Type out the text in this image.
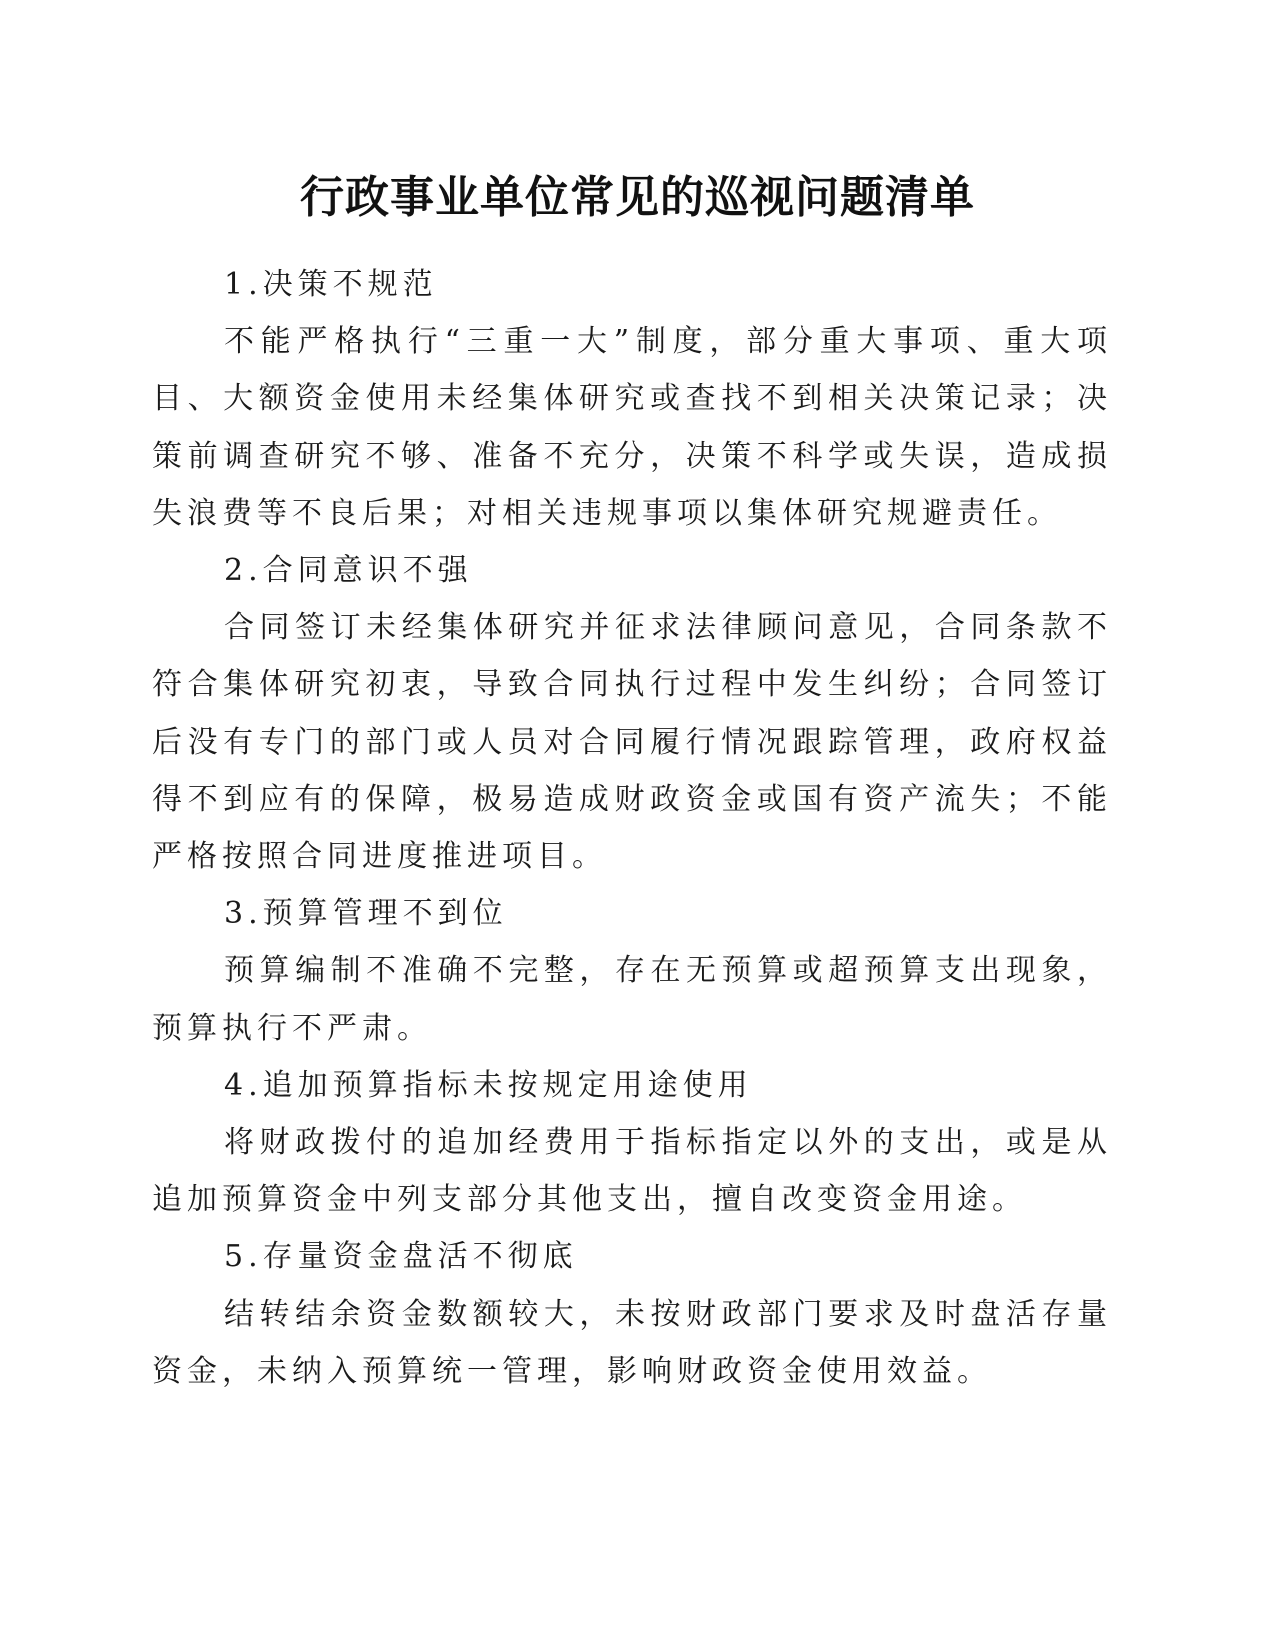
行政事业单位常见的巡视问题清单

1.决策不规范

不能严格执行“三重一大”制度，部分重大事项、重大项目、大额资金使用未经集体研究或查找不到相关决策记录；决策前调查研究不够、准备不充分，决策不科学或失误，造成损失浪费等不良后果；对相关违规事项以集体研究规避责任。

2.合同意识不强

合同签订未经集体研究并征求法律顾问意见，合同条款不符合集体研究初衷，导致合同执行过程中发生纠纷；合同签订后没有专门的部门或人员对合同履行情况跟踪管理，政府权益得不到应有的保障，极易造成财政资金或国有资产流失；不能严格按照合同进度推进项目。

3.预算管理不到位

预算编制不准确不完整，存在无预算或超预算支出现象，预算执行不严肃。

4.追加预算指标未按规定用途使用

将财政拨付的追加经费用于指标指定以外的支出，或是从追加预算资金中列支部分其他支出，擅自改变资金用途。

5.存量资金盘活不彻底

结转结余资金数额较大，未按财政部门要求及时盘活存量资金，未纳入预算统一管理，影响财政资金使用效益。
